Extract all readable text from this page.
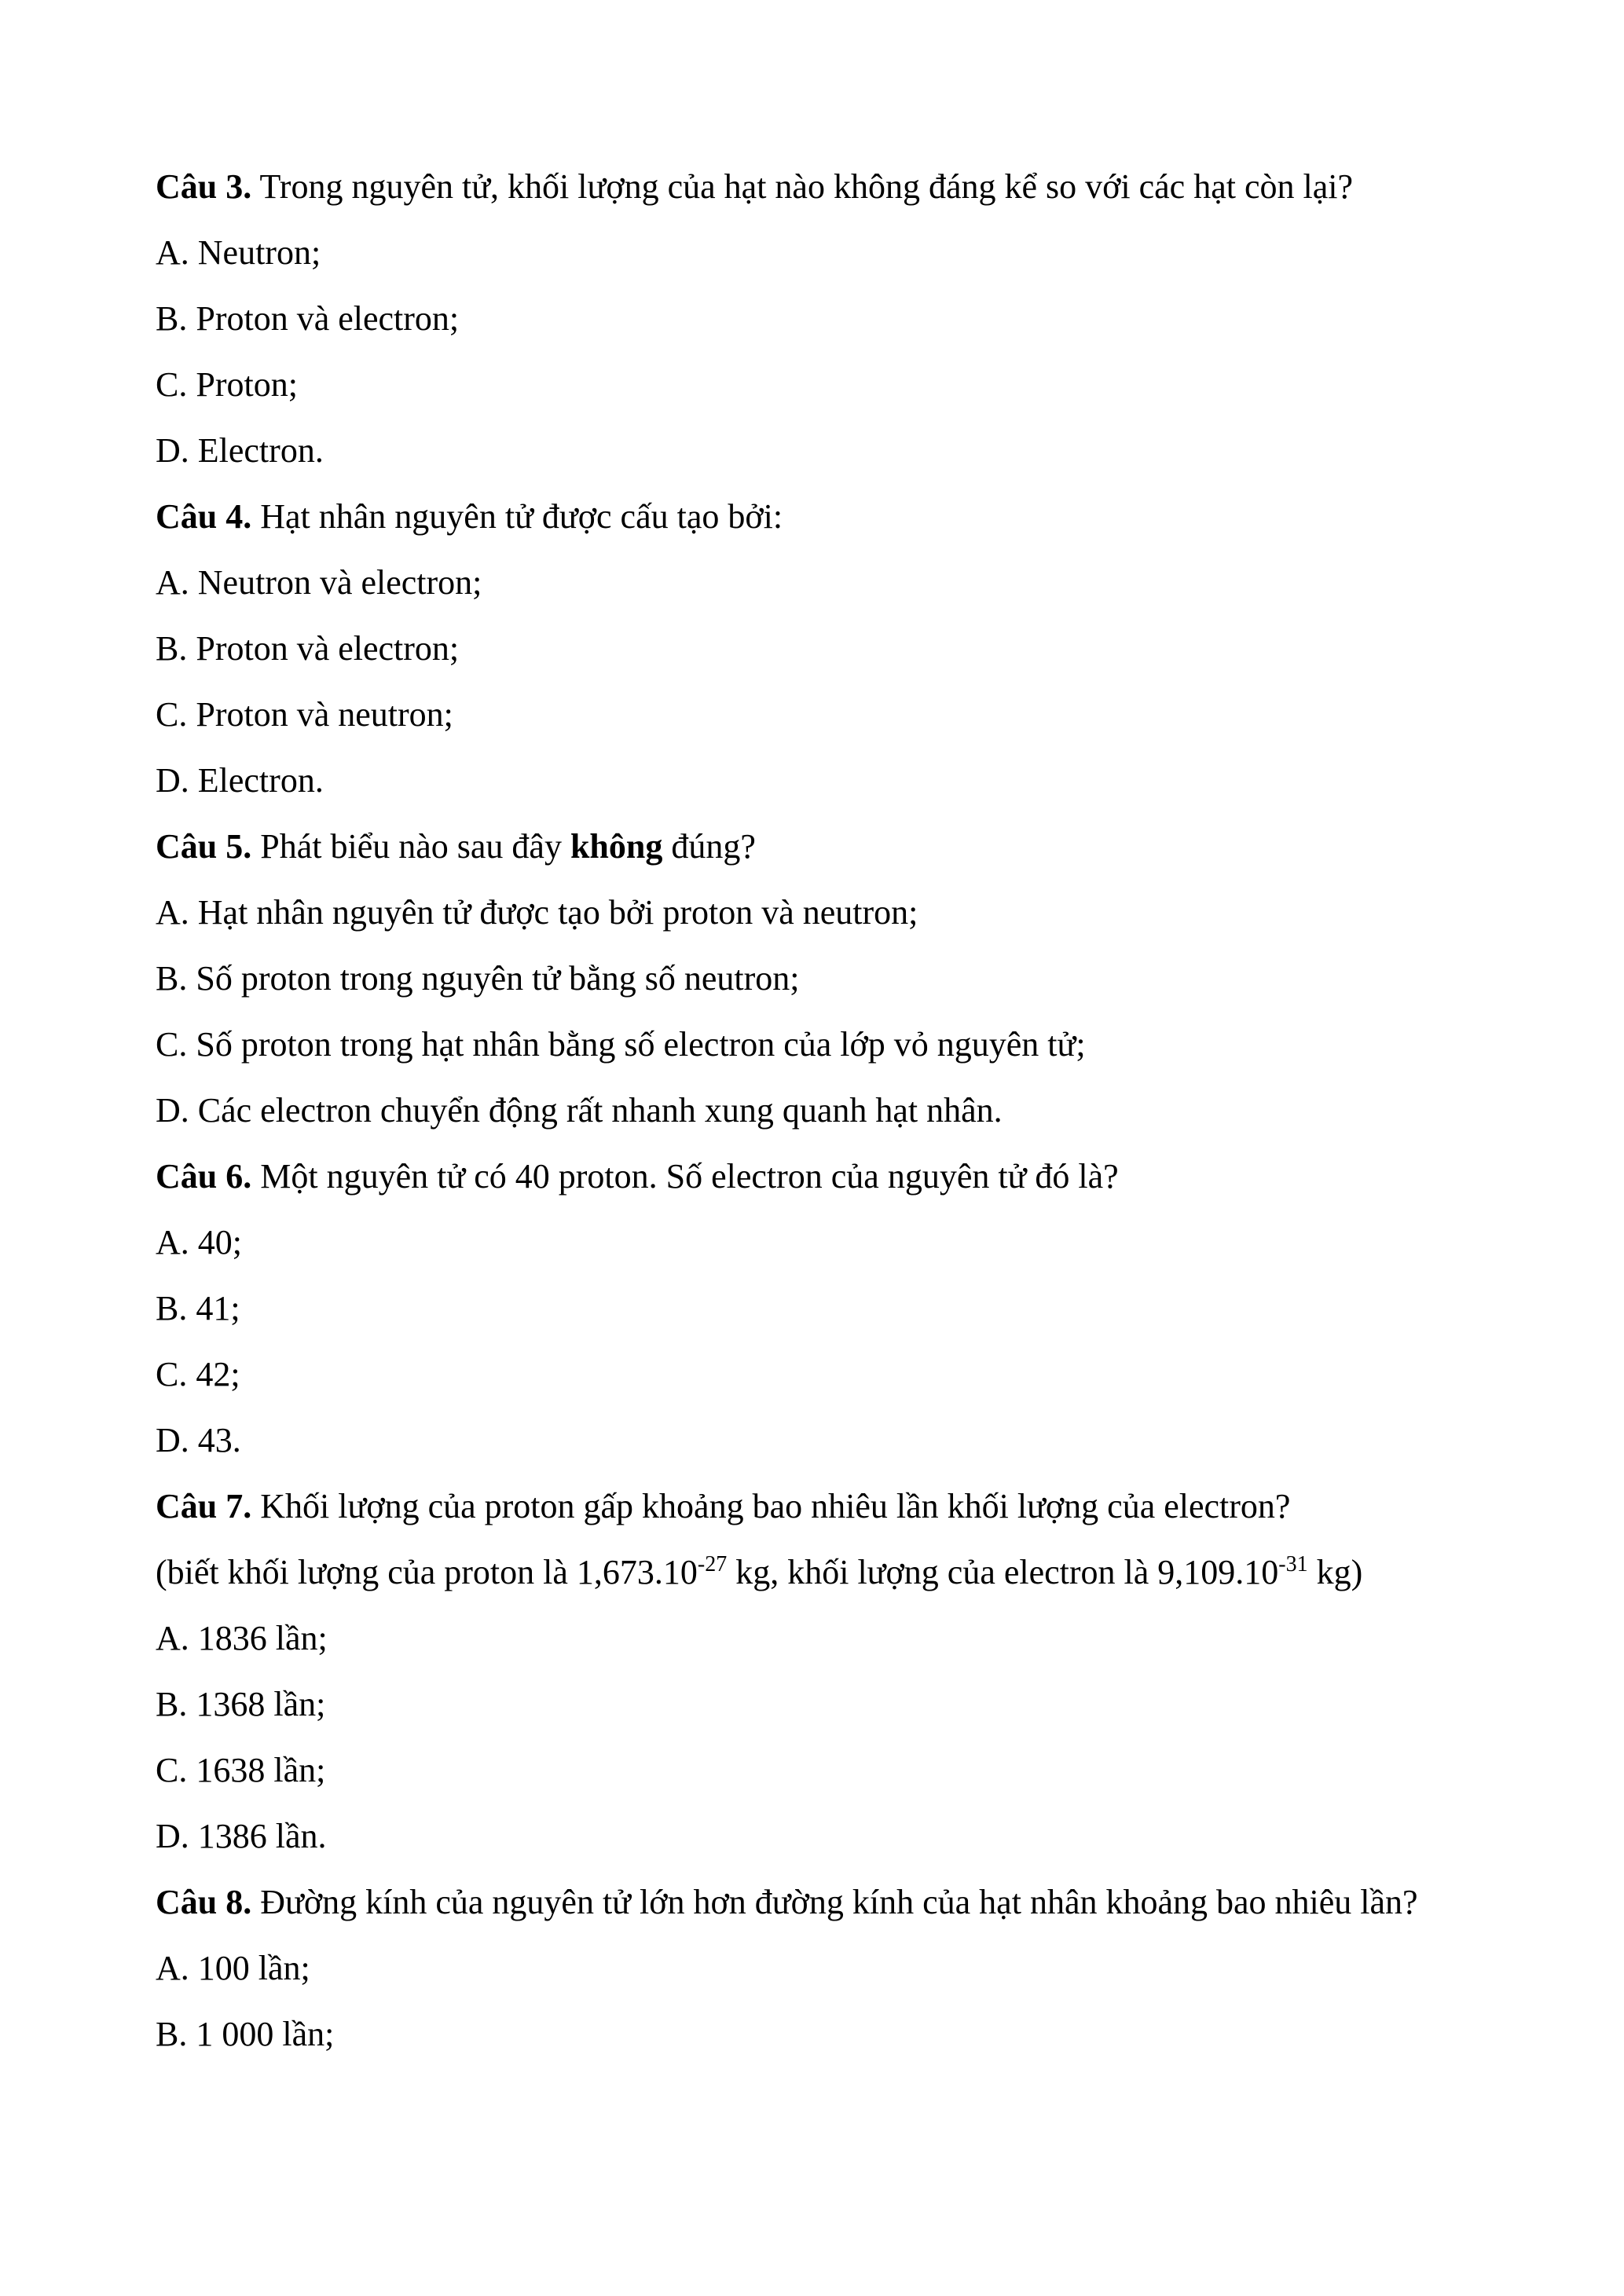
Câu 3. Trong nguyên tử, khối lượng của hạt nào không đáng kể so với các hạt còn lại?
A. Neutron;
B. Proton và electron;
C. Proton;
D. Electron.
Câu 4. Hạt nhân nguyên tử được cấu tạo bởi:
A. Neutron và electron;
B. Proton và electron;
C. Proton và neutron;
D. Electron.
Câu 5. Phát biểu nào sau đây không đúng?
A. Hạt nhân nguyên tử được tạo bởi proton và neutron;
B. Số proton trong nguyên tử bằng số neutron;
C. Số proton trong hạt nhân bằng số electron của lớp vỏ nguyên tử;
D. Các electron chuyển động rất nhanh xung quanh hạt nhân.
Câu 6. Một nguyên tử có 40 proton. Số electron của nguyên tử đó là?
A. 40;
B. 41;
C. 42;
D. 43.
Câu 7. Khối lượng của proton gấp khoảng bao nhiêu lần khối lượng của electron?
(biết khối lượng của proton là $1,673.10^{-27}$ kg, khối lượng của electron là $9,109.10^{-31}$ kg)
A. 1836 lần;
B. 1368 lần;
C. 1638 lần;
D. 1386 lần.
Câu 8. Đường kính của nguyên tử lớn hơn đường kính của hạt nhân khoảng bao nhiêu lần?
A. 100 lần;
B. 1 000 lần;
